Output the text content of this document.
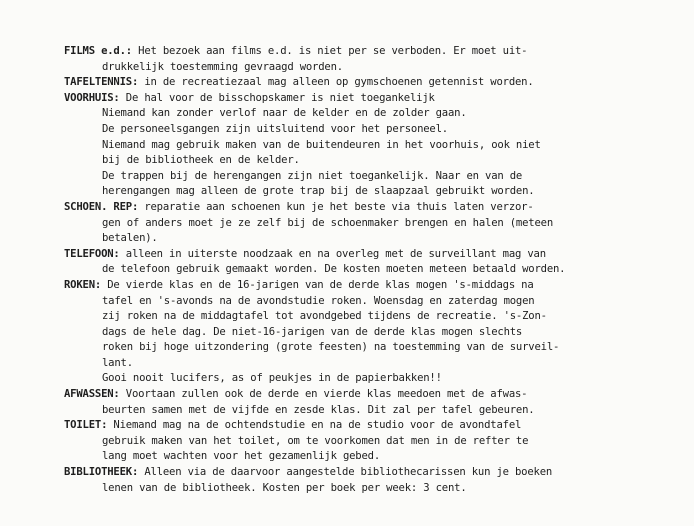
FILMS e.d.: Het bezoek aan films e.d. is niet per se verboden. Er moet uit-
drukkelijk toestemming gevraagd worden.
TAFELTENNIS: in de recreatiezaal mag alleen op gymschoenen getennist worden.
VOORHUIS: De hal voor de bisschopskamer is niet toegankelijk
Niemand kan zonder verlof naar de kelder en de zolder gaan.
De personeelsgangen zijn uitsluitend voor het personeel.
Niemand mag gebruik maken van de buitendeuren in het voorhuis, ook niet
bij de bibliotheek en de kelder.
De trappen bij de herengangen zijn niet toegankelijk. Naar en van de
herengangen mag alleen de grote trap bij de slaapzaal gebruikt worden.
SCHOEN. REP: reparatie aan schoenen kun je het beste via thuis laten verzor-
gen of anders moet je ze zelf bij de schoenmaker brengen en halen (meteen
betalen).
TELEFOON: alleen in uiterste noodzaak en na overleg met de surveillant mag van
de telefoon gebruik gemaakt worden. De kosten moeten meteen betaald worden.
ROKEN: De vierde klas en de 16-jarigen van de derde klas mogen 's-middags na
tafel en 's-avonds na de avondstudie roken. Woensdag en zaterdag mogen
zij roken na de middagtafel tot avondgebed tijdens de recreatie. 's-Zon-
dags de hele dag. De niet-16-jarigen van de derde klas mogen slechts
roken bij hoge uitzondering (grote feesten) na toestemming van de surveil-
lant.
Gooi nooit lucifers, as of peukjes in de papierbakken!!
AFWASSEN: Voortaan zullen ook de derde en vierde klas meedoen met de afwas-
beurten samen met de vijfde en zesde klas. Dit zal per tafel gebeuren.
TOILET: Niemand mag na de ochtendstudie en na de studio voor de avondtafel
gebruik maken van het toilet, om te voorkomen dat men in de refter te
lang moet wachten voor het gezamenlijk gebed.
BIBLIOTHEEK: Alleen via de daarvoor aangestelde bibliothecarissen kun je boeken
lenen van de bibliotheek. Kosten per boek per week: 3 cent.
